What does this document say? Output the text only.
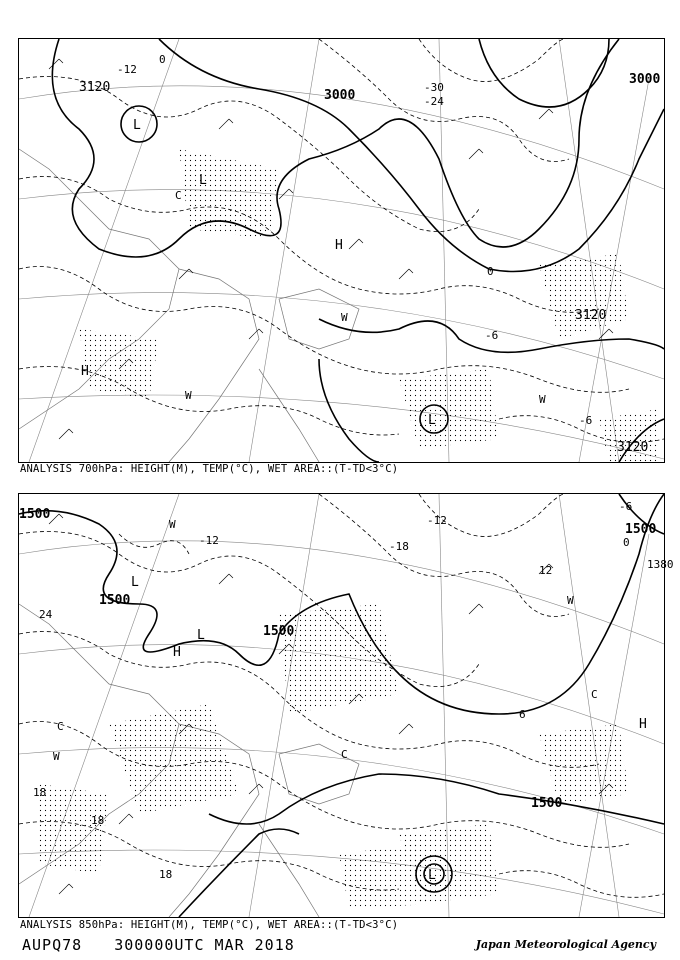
3120
3000
3000
3120
3120
-12
-24
-30
0
0
-6
-6
L
L
L
H
H
W	W
W
C
ANALYSIS 700hPa: HEIGHT(M), TEMP(°C), WET AREA::(T-TD<3°C)
1500
1500
1500
1500
1500
1380
-12
-12	-18
-6
0
6
12
18
18
18
24
L
L
L
H
H
W
W
W
C
C
C
ANALYSIS 850hPa: HEIGHT(M), TEMP(°C), WET AREA::(T-TD<3°C)
AUPQ78 300000UTC MAR 2018	Japan Meteorological Agency
